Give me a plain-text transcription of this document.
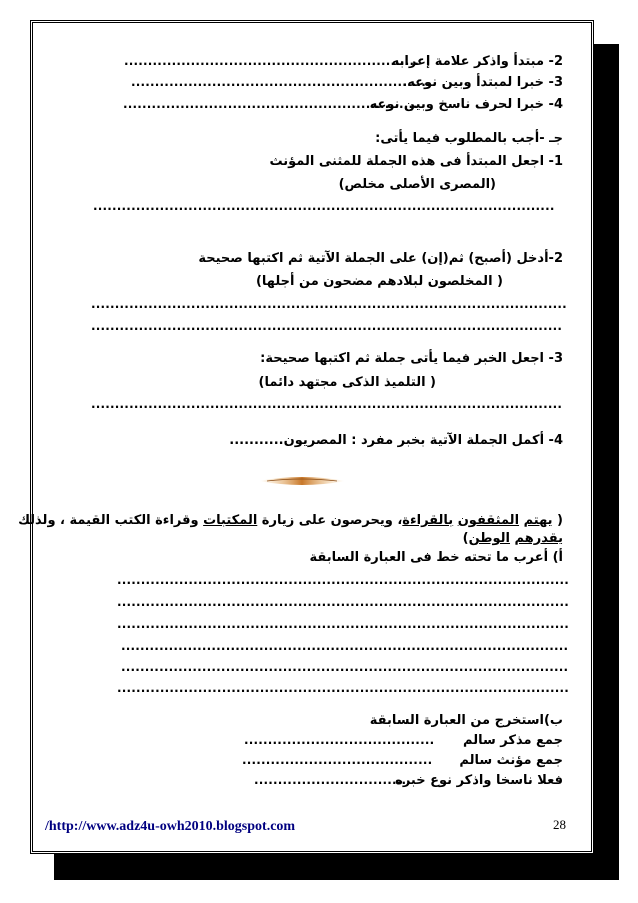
2- مبتدأ واذكر علامة إعرابه
..............................................................
3- خبرا لمبتدأ وبين نوعه.
...............................................................
4- خبرا لحرف ناسخ وبين نوعه
..............................................................
جـ -أجب بالمطلوب فيما يأتى:
1- اجعل المبتدأ فى هذه الجملة للمثنى المؤنث
(المصرى الأصلى مخلص)
.................................................................................................
2-أدخل (أصبح) ثم(إن) على الجملة الآتية ثم اكتبها صحيحة
( المخلصون لبلادهم مضحون من أجلها)
....................................................................................................
...................................................................................................
3- اجعل الخبر فيما يأتى جملة ثم اكتبها صحيحة:
( التلميذ الذكى مجتهد دائما)
...................................................................................................
4- أكمل الجملة الآتية بخبر مفرد : المصريون...........
( يهتم المثقفون بالقراءة، ويحرصون على زيارة المكتبات وقراءة الكتب القيمة ، ولذلك
يقدرهم الوطن)
أ) أعرب ما تحته خط فى العبارة السابقة
...............................................................................................
...............................................................................................
...............................................................................................
..............................................................................................
..............................................................................................
...............................................................................................
ب)استخرج من العبارة السابقة
جمع مذكر سالم
........................................
جمع مؤنث سالم
........................................
فعلا ناسخا واذكر نوع خبره
................................
/http://www.adz4u-owh2010.blogspot.com	28
